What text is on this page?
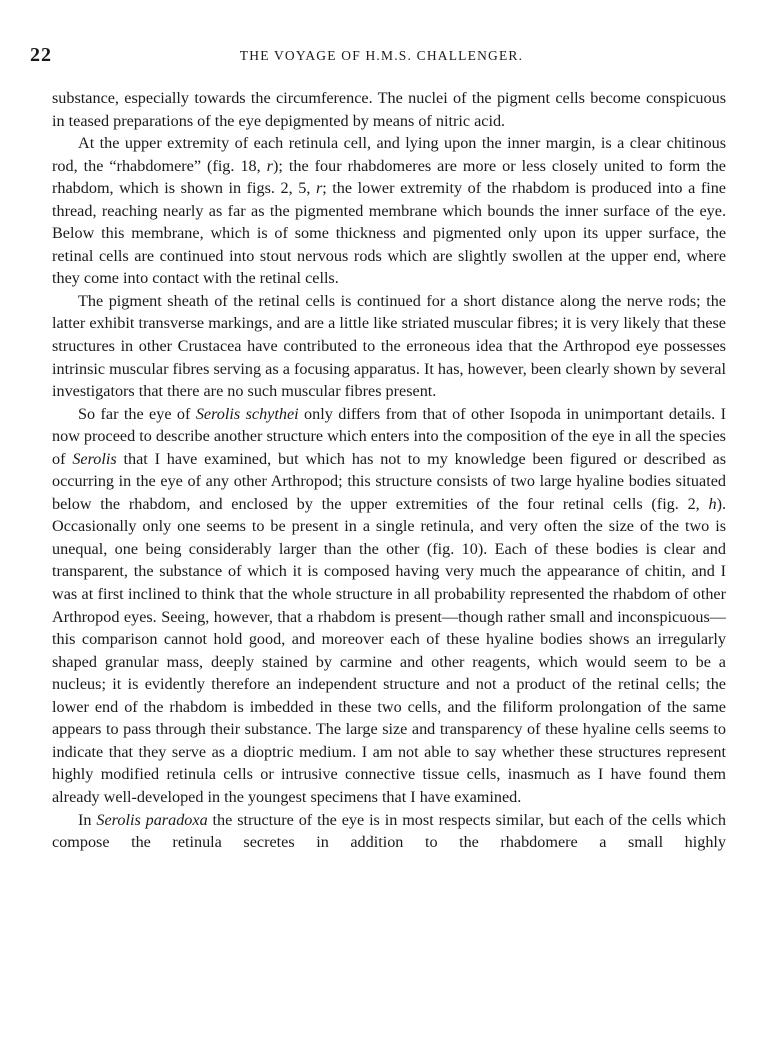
22	THE VOYAGE OF H.M.S. CHALLENGER.

substance, especially towards the circumference. The nuclei of the pigment cells become conspicuous in teased preparations of the eye depigmented by means of nitric acid.

At the upper extremity of each retinula cell, and lying upon the inner margin, is a clear chitinous rod, the “rhabdomere” (fig. 18, r); the four rhabdomeres are more or less closely united to form the rhabdom, which is shown in figs. 2, 5, r; the lower extremity of the rhabdom is produced into a fine thread, reaching nearly as far as the pigmented membrane which bounds the inner surface of the eye. Below this membrane, which is of some thickness and pigmented only upon its upper surface, the retinal cells are continued into stout nervous rods which are slightly swollen at the upper end, where they come into contact with the retinal cells.

The pigment sheath of the retinal cells is continued for a short distance along the nerve rods; the latter exhibit transverse markings, and are a little like striated muscular fibres; it is very likely that these structures in other Crustacea have contributed to the erroneous idea that the Arthropod eye possesses intrinsic muscular fibres serving as a focusing apparatus. It has, however, been clearly shown by several investigators that there are no such muscular fibres present.

So far the eye of Serolis schythei only differs from that of other Isopoda in unimportant details. I now proceed to describe another structure which enters into the composition of the eye in all the species of Serolis that I have examined, but which has not to my knowledge been figured or described as occurring in the eye of any other Arthropod; this structure consists of two large hyaline bodies situated below the rhabdom, and enclosed by the upper extremities of the four retinal cells (fig. 2, h). Occasionally only one seems to be present in a single retinula, and very often the size of the two is unequal, one being considerably larger than the other (fig. 10). Each of these bodies is clear and transparent, the substance of which it is composed having very much the appearance of chitin, and I was at first inclined to think that the whole structure in all probability represented the rhabdom of other Arthropod eyes. Seeing, however, that a rhabdom is present—though rather small and inconspicuous—this comparison cannot hold good, and moreover each of these hyaline bodies shows an irregularly shaped granular mass, deeply stained by carmine and other reagents, which would seem to be a nucleus; it is evidently therefore an independent structure and not a product of the retinal cells; the lower end of the rhabdom is imbedded in these two cells, and the filiform prolongation of the same appears to pass through their substance. The large size and transparency of these hyaline cells seems to indicate that they serve as a dioptric medium. I am not able to say whether these structures represent highly modified retinula cells or intrusive connective tissue cells, inasmuch as I have found them already well-developed in the youngest specimens that I have examined.

In Serolis paradoxa the structure of the eye is in most respects similar, but each of the cells which compose the retinula secretes in addition to the rhabdomere a small highly
